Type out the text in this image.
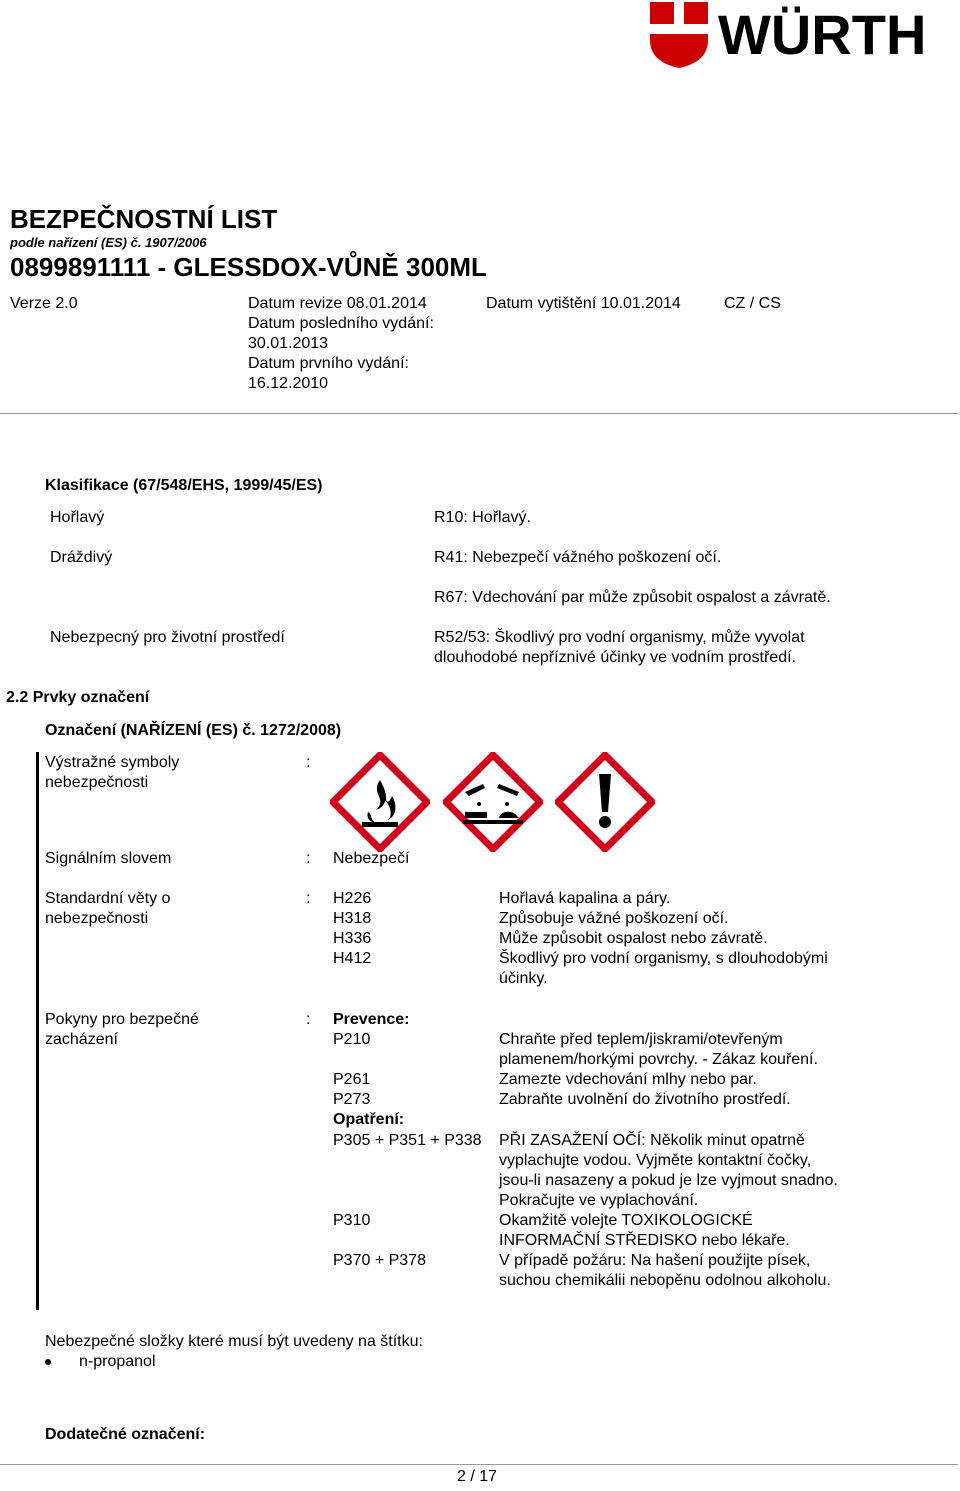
WÜRTH
BEZPEČNOSTNÍ LIST
podle nařízení (ES) č. 1907/2006
0899891111 - GLESSDOX-VŮNĚ 300ML
Verze 2.0	Datum revize 08.01.2014
Datum posledního vydání:
30.01.2013
Datum prvního vydání:
16.12.2010
Datum vytištění 10.01.2014	CZ / CS
Klasifikace (67/548/EHS, 1999/45/ES)
Hořlavý	R10: Hořlavý.
Dráždivý	R41: Nebezpečí vážného poškození očí.
R67: Vdechování par může způsobit ospalost a závratě.
Nebezpecný pro životní prostředí	R52/53: Škodlivý pro vodní organismy, může vyvolat
dlouhodobé nepříznivé účinky ve vodním prostředí.
2.2 Prvky označení
Označení (NAŘÍZENÍ (ES) č. 1272/2008)
Výstražné symboly
nebezpečnosti
:
Signálním slovem	: Nebezpečí
Standardní věty o
nebezpečnosti
: H226	Hořlavá kapalina a páry.
H318	Způsobuje vážné poškození očí.
H336	Může způsobit ospalost nebo závratě.
H412	Škodlivý pro vodní organismy, s dlouhodobými
účinky.
Pokyny pro bezpečné
zacházení
: Prevence:
P210	Chraňte před teplem/jiskrami/otevřeným
plamenem/horkými povrchy. - Zákaz kouření.
P261	Zamezte vdechování mlhy nebo par.
P273	Zabraňte uvolnění do životního prostředí.
Opatření:
P305 + P351 + P338 PŘI ZASAŽENÍ OČÍ: Několik minut opatrně
vyplachujte vodou. Vyjměte kontaktní čočky,
jsou-li nasazeny a pokud je lze vyjmout snadno.
Pokračujte ve vyplachování.
P310	Okamžitě volejte TOXIKOLOGICKÉ
INFORMAČNÍ STŘEDISKO nebo lékaře.
P370 + P378	V případě požáru: Na hašení použijte písek,
suchou chemikálii nebopěnu odolnou alkoholu.
Nebezpečné složky které musí být uvedeny na štítku:
n-propanol
Dodatečné označení:
2 / 17
